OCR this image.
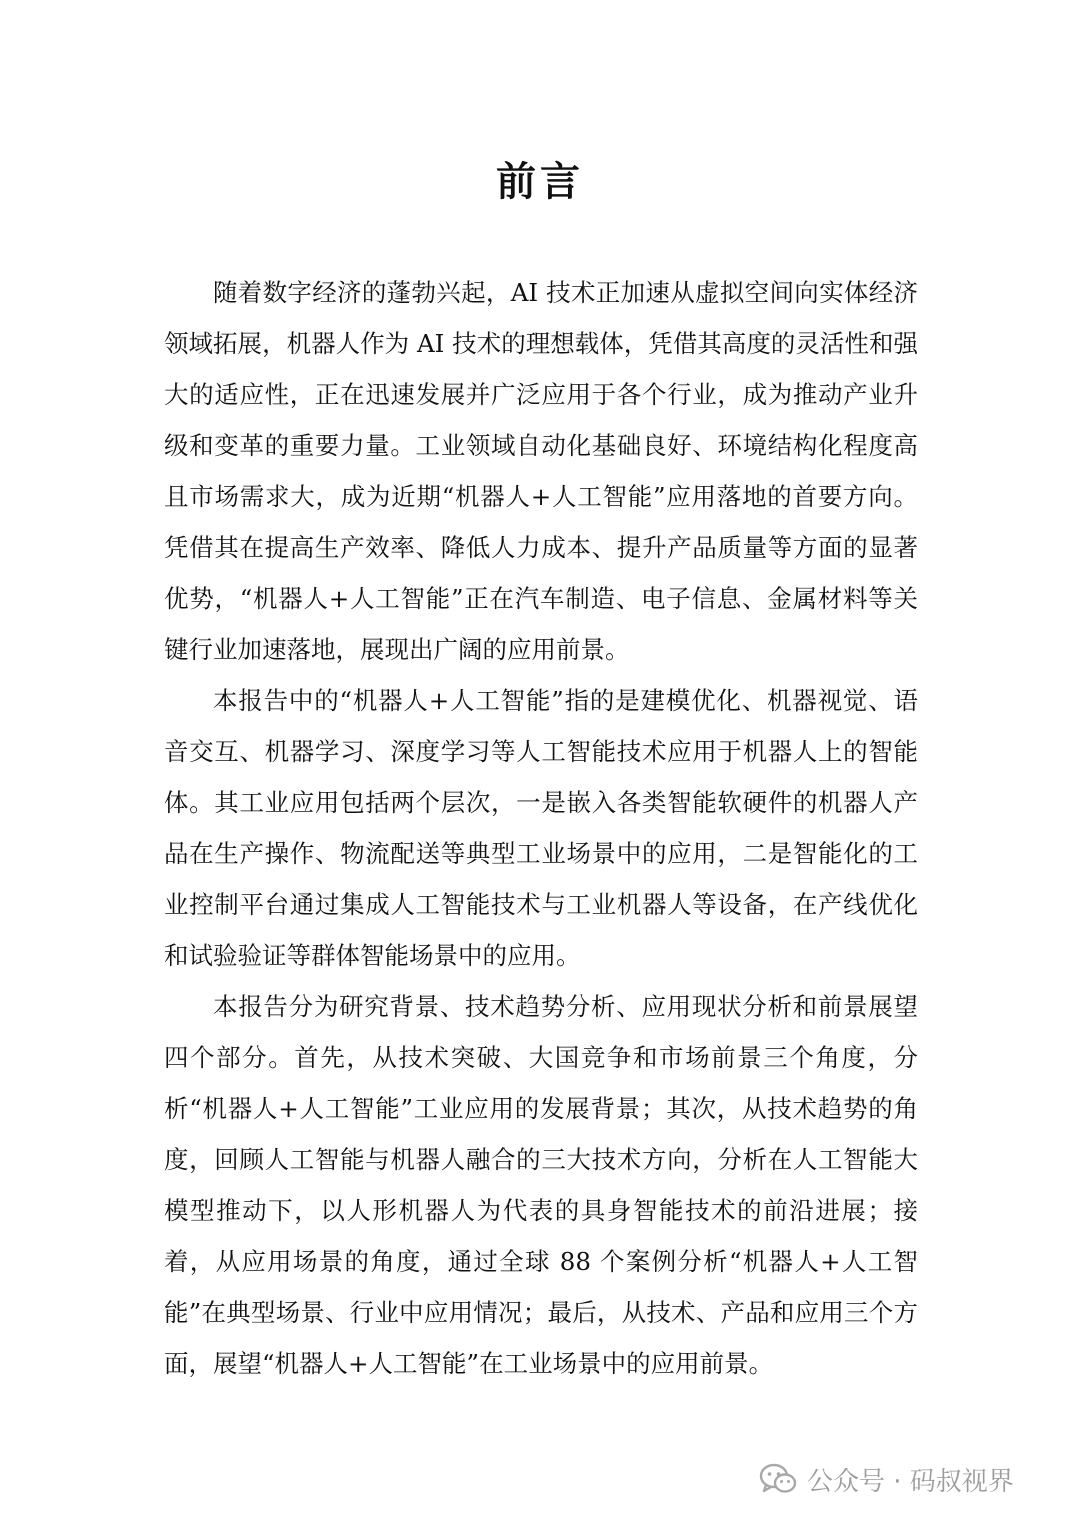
前言

随着数字经济的蓬勃兴起，AI 技术正加速从虚拟空间向实体经济领域拓展，机器人作为 AI 技术的理想载体，凭借其高度的灵活性和强大的适应性，正在迅速发展并广泛应用于各个行业，成为推动产业升级和变革的重要力量。工业领域自动化基础良好、环境结构化程度高且市场需求大，成为近期“机器人+人工智能”应用落地的首要方向。凭借其在提高生产效率、降低人力成本、提升产品质量等方面的显著优势，“机器人+人工智能”正在汽车制造、电子信息、金属材料等关键行业加速落地，展现出广阔的应用前景。

本报告中的“机器人+人工智能”指的是建模优化、机器视觉、语音交互、机器学习、深度学习等人工智能技术应用于机器人上的智能体。其工业应用包括两个层次，一是嵌入各类智能软硬件的机器人产品在生产操作、物流配送等典型工业场景中的应用，二是智能化的工业控制平台通过集成人工智能技术与工业机器人等设备，在产线优化和试验验证等群体智能场景中的应用。

本报告分为研究背景、技术趋势分析、应用现状分析和前景展望四个部分。首先，从技术突破、大国竞争和市场前景三个角度，分析“机器人+人工智能”工业应用的发展背景；其次，从技术趋势的角度，回顾人工智能与机器人融合的三大技术方向，分析在人工智能大模型推动下，以人形机器人为代表的具身智能技术的前沿进展；接着，从应用场景的角度，通过全球 88 个案例分析“机器人+人工智能”在典型场景、行业中应用情况；最后，从技术、产品和应用三个方面，展望“机器人+人工智能”在工业场景中的应用前景。

公众号 · 码叔视界
